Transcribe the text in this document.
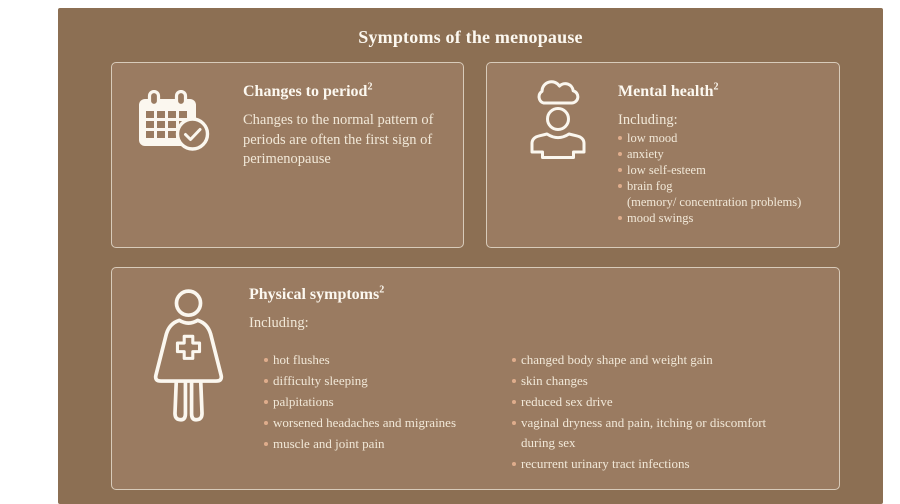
Symptoms of the menopause
Changes to period$^2$
Changes to the normal pattern of periods are often the first sign of perimenopause
Mental health$^2$
Including:
low mood
anxiety
low self-esteem
brain fog
(memory/ concentration problems)
mood swings
Physical symptoms$^2$
Including:
hot flushes
difficulty sleeping
palpitations
worsened headaches and migraines
muscle and joint pain
changed body shape and weight gain
skin changes
reduced sex drive
vaginal dryness and pain, itching or discomfort during sex
recurrent urinary tract infections
